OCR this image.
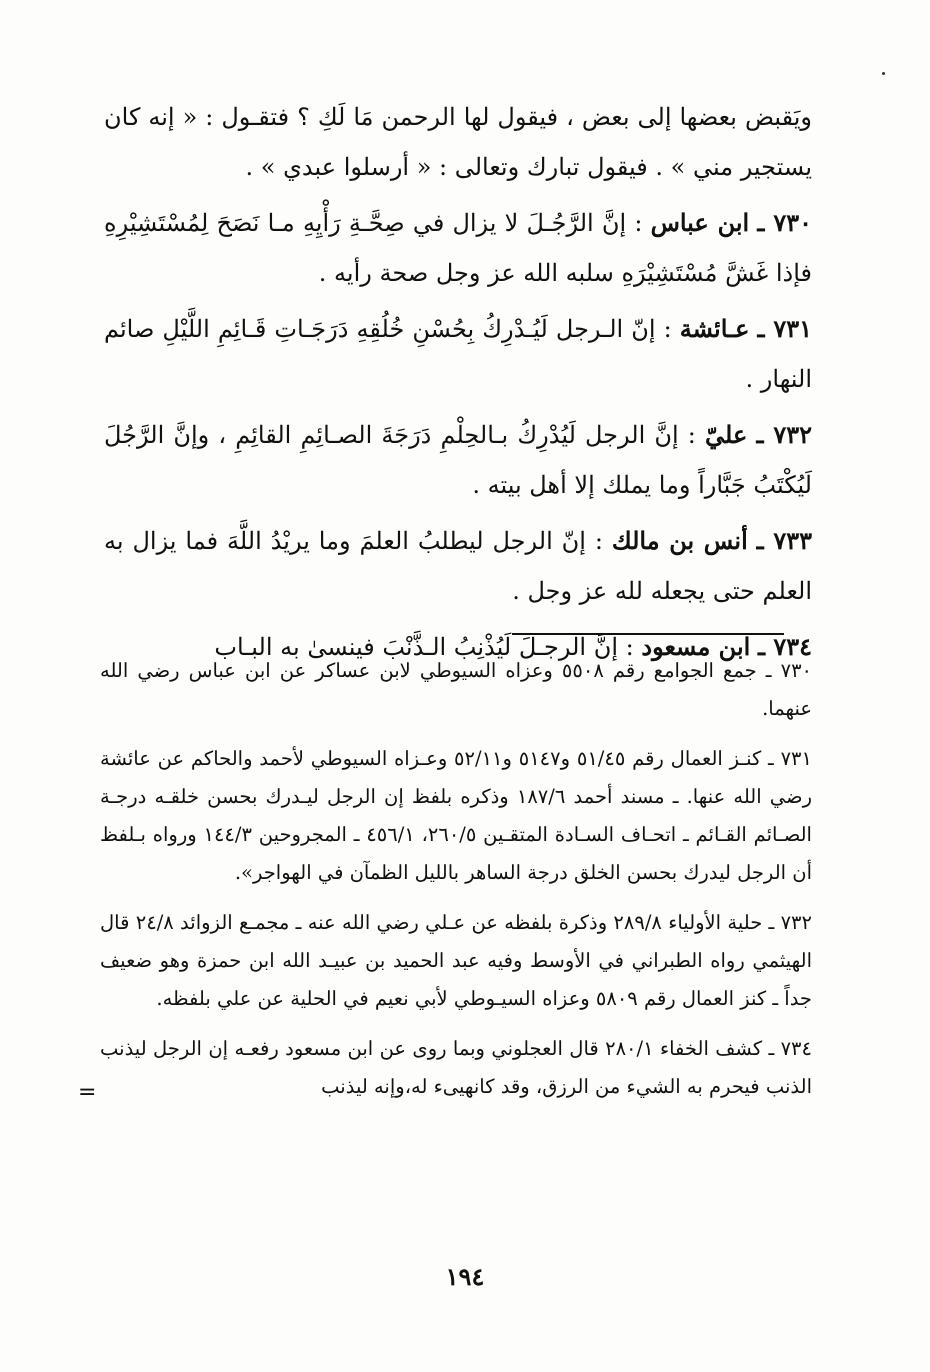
ويَقبض بعضها إلى بعض ، فيقول لها الرحمن مَا لَكِ ؟ فتقـول : « إنه كان يستجير مني » . فيقول تبارك وتعالى : « أرسلوا عبدي » .

٧٣٠ ـ ابن عباس : إنَّ الرَّجُـلَ لا يزال في صِحَّـةِ رَأْيِهِ مـا نَصَحَ لِمُسْتَشِيْرِهِ فإذا غَشَّ مُسْتَشِيْرَهِ سلبه الله عز وجل صحة رأيه .

٧٣١ ـ عـائشة : إنّ الـرجل لَيُـدْرِكُ بِحُسْنِ خُلُقِهِ دَرَجَـاتِ قَـائِمِ اللَّيْلِ صائم النهار .

٧٣٢ ـ عليّ : إنَّ الرجل لَيُدْرِكُ بـالحِلْمِ دَرَجَةَ الصـائِمِ القائِمِ ، وإنَّ الرَّجُلَ لَيُكْتَبُ جَبَّاراً وما يملك إلا أهل بيته .

٧٣٣ ـ أنس بن مالك : إنّ الرجل ليطلبُ العلمَ وما يريْدُ اللَّهَ فما يزال به العلم حتى يجعله لله عز وجل .

٧٣٤ ـ ابن مسعود : إنَّ الرجـلَ لَيُذْنِبُ الـذَّنْبَ فينسىٰ به البـاب

٧٣٠ ـ جمع الجوامع رقم ٥٥٠٨ وعزاه السيوطي لابن عساكر عن ابن عباس رضي الله عنهما.

٧٣١ ـ كنـز العمال رقم ٥١/٤٥ و٥١٤٧ و٥٢/١١ وعـزاه السيوطي لأحمد والحاكم عن عائشة رضي الله عنها. ـ مسند أحمد ١٨٧/٦ وذكره بلفظ إن الرجل ليـدرك بحسن خلقـه درجـة الصـائم القـائم ـ اتحـاف السـادة المتقـين ٢٦٠/٥، ٤٥٦/١ ـ المجروحين ١٤٤/٣ ورواه بـلفظ أن الرجل ليدرك بحسن الخلق درجة الساهر بالليل الظمآن في الهواجر».

٧٣٢ ـ حلية الأولياء ٢٨٩/٨ وذكرة بلفظه عن عـلي رضي الله عنه ـ مجمـع الزوائد ٢٤/٨ قال الهيثمي رواه الطبراني في الأوسط وفيه عبد الحميد بن عبيـد الله ابن حمزة وهو ضعيف جداً ـ كنز العمال رقم ٥٨٠٩ وعزاه السيـوطي لأبي نعيم في الحلية عن علي بلفظه.

٧٣٤ ـ كشف الخفاء ٢٨٠/١ قال العجلوني وبما روى عن ابن مسعود رفعـه إن الرجل ليذنب الذنب فيحرم به الشيء من الرزق، وقد كانهيىء له،وإنه ليذنب

=
١٩٤
